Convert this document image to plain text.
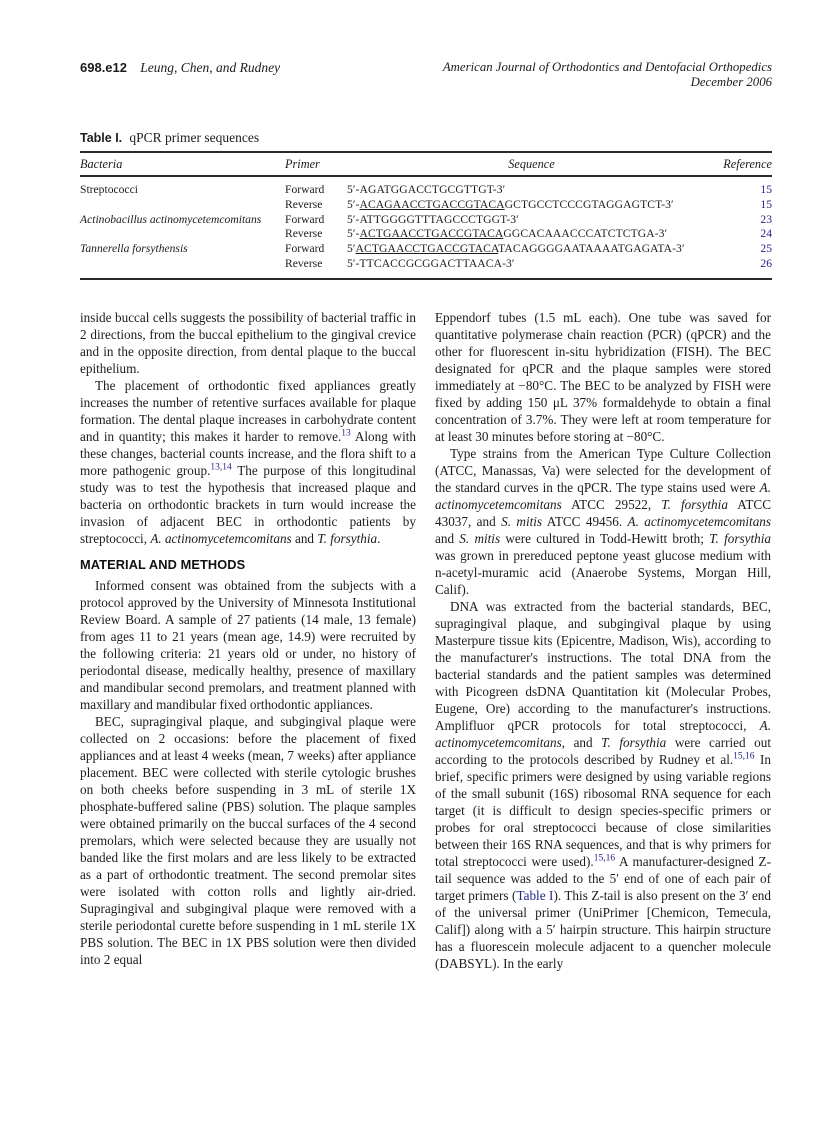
698.e12 Leung, Chen, and Rudney	American Journal of Orthodontics and Dentofacial Orthopedics
December 2006
Table I. qPCR primer sequences
Bacteria	Primer	Sequence	Reference
Streptococci	Forward	5′-AGATGGACCTGCGTTGT-3′	15
	Reverse	5′-ACAGAACCTGACCGTACAGCTGCCTCCCGTAGGAGTCT-3′	15
Actinobacillus actinomycetemcomitans	Forward	5′-ATTGGGGTTTAGCCCTGGT-3′	23
	Reverse	5′-ACTGAACCTGACCGTACAGGCACAAACCCATCTCTGA-3′	24
Tannerella forsythensis	Forward	5′ACTGAACCTGACCGTACATACAGGGGAATAAAATGAGATA-3′	25
	Reverse	5′-TTCACCGCGGACTTAACA-3′	26

inside buccal cells suggests the possibility of bacterial traffic in 2 directions, from the buccal epithelium to the gingival crevice and in the opposite direction, from dental plaque to the buccal epithelium.

The placement of orthodontic fixed appliances greatly increases the number of retentive surfaces available for plaque formation. The dental plaque increases in carbohydrate content and in quantity; this makes it harder to remove.$^{13}$ Along with these changes, bacterial counts increase, and the flora shift to a more pathogenic group.$^{13,14}$ The purpose of this longitudinal study was to test the hypothesis that increased plaque and bacteria on orthodontic brackets in turn would increase the invasion of adjacent BEC in orthodontic patients by streptococci, A. actinomycetemcomitans and T. forsythia.

MATERIAL AND METHODS

Informed consent was obtained from the subjects with a protocol approved by the University of Minnesota Institutional Review Board. A sample of 27 patients (14 male, 13 female) from ages 11 to 21 years (mean age, 14.9) were recruited by the following criteria: 21 years old or under, no history of periodontal disease, medically healthy, presence of maxillary and mandibular second premolars, and treatment planned with maxillary and mandibular fixed orthodontic appliances.

BEC, supragingival plaque, and subgingival plaque were collected on 2 occasions: before the placement of fixed appliances and at least 4 weeks (mean, 7 weeks) after appliance placement. BEC were collected with sterile cytologic brushes on both cheeks before suspending in 3 mL of sterile 1X phosphate-buffered saline (PBS) solution. The plaque samples were obtained primarily on the buccal surfaces of the 4 second premolars, which were selected because they are usually not banded like the first molars and are less likely to be extracted as a part of orthodontic treatment. The second premolar sites were isolated with cotton rolls and lightly air-dried. Supragingival and subgingival plaque were removed with a sterile periodontal curette before suspending in 1 mL sterile 1X PBS solution. The BEC in 1X PBS solution were then divided into 2 equal

Eppendorf tubes (1.5 mL each). One tube was saved for quantitative polymerase chain reaction (PCR) (qPCR) and the other for fluorescent in-situ hybridization (FISH). The BEC designated for qPCR and the plaque samples were stored immediately at −80°C. The BEC to be analyzed by FISH were fixed by adding 150 μL 37% formaldehyde to obtain a final concentration of 3.7%. They were left at room temperature for at least 30 minutes before storing at −80°C.

Type strains from the American Type Culture Collection (ATCC, Manassas, Va) were selected for the development of the standard curves in the qPCR. The type stains used were A. actinomycetemcomitans ATCC 29522, T. forsythia ATCC 43037, and S. mitis ATCC 49456. A. actinomycetemcomitans and S. mitis were cultured in Todd-Hewitt broth; T. forsythia was grown in prereduced peptone yeast glucose medium with n-acetyl-muramic acid (Anaerobe Systems, Morgan Hill, Calif).

DNA was extracted from the bacterial standards, BEC, supragingival plaque, and subgingival plaque by using Masterpure tissue kits (Epicentre, Madison, Wis), according to the manufacturer's instructions. The total DNA from the bacterial standards and the patient samples was determined with Picogreen dsDNA Quantitation kit (Molecular Probes, Eugene, Ore) according to the manufacturer's instructions. Amplifluor qPCR protocols for total streptococci, A. actinomycetemcomitans, and T. forsythia were carried out according to the protocols described by Rudney et al.$^{15,16}$ In brief, specific primers were designed by using variable regions of the small subunit (16S) ribosomal RNA sequence for each target (it is difficult to design species-specific primers or probes for oral streptococci because of close similarities between their 16S RNA sequences, and that is why primers for total streptococci were used).$^{15,16}$ A manufacturer-designed Z-tail sequence was added to the 5′ end of one of each pair of target primers (Table I). This Z-tail is also present on the 3′ end of the universal primer (UniPrimer [Chemicon, Temecula, Calif]) along with a 5′ hairpin structure. This hairpin structure has a fluorescein molecule adjacent to a quencher molecule (DABSYL). In the early
